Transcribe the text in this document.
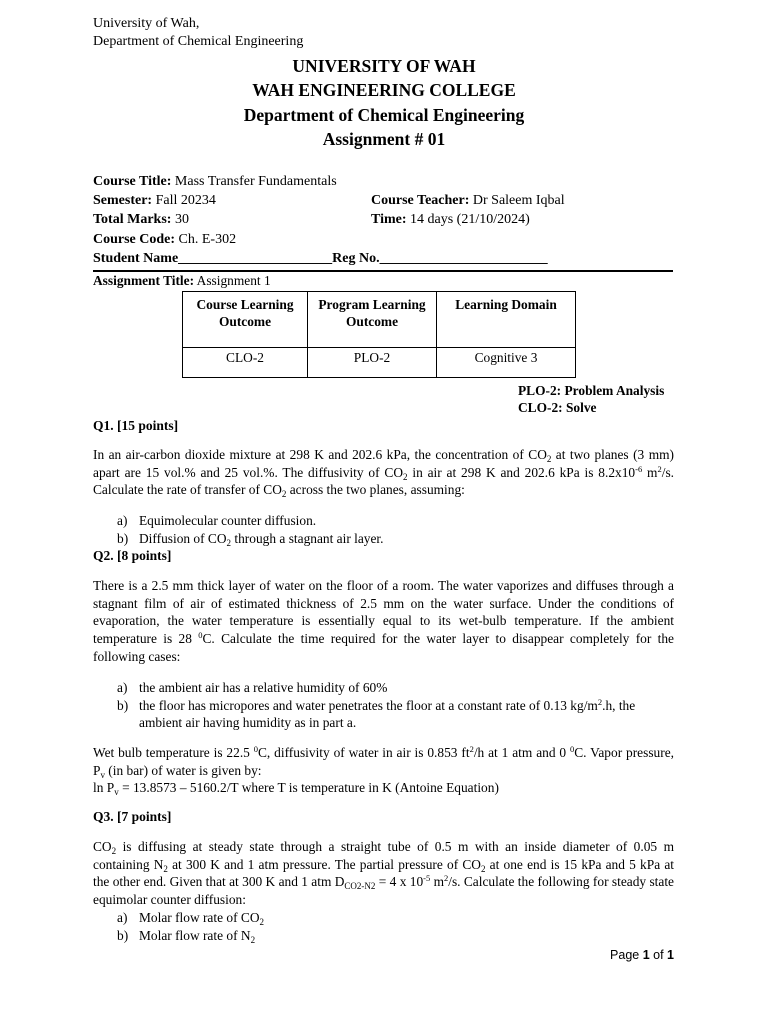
University of Wah,
Department of Chemical Engineering
UNIVERSITY OF WAH
WAH ENGINEERING COLLEGE
Department of Chemical Engineering
Assignment # 01
Course Title: Mass Transfer Fundamentals
Semester: Fall 20234	Course Teacher: Dr Saleem Iqbal
Total Marks: 30	Time: 14 days (21/10/2024)
Course Code: Ch. E-302
Student Name______________________Reg No.________________________
Assignment Title: Assignment 1
Course Learning Outcome	Program Learning Outcome	Learning Domain
CLO-2	PLO-2	Cognitive 3
PLO-2: Problem Analysis
CLO-2: Solve
Q1. [15 points]
In an air-carbon dioxide mixture at 298 K and 202.6 kPa, the concentration of $CO_2$ at two planes (3 mm) apart are 15 vol.% and 25 vol.%. The diffusivity of $CO_2$ in air at 298 K and 202.6 kPa is $8.2x10^{-6}$ $m^2/s$. Calculate the rate of transfer of $CO_2$ across the two planes, assuming:
a) Equimolecular counter diffusion.
b) Diffusion of $CO_2$ through a stagnant air layer.
Q2. [8 points]
There is a 2.5 mm thick layer of water on the floor of a room. The water vaporizes and diffuses through a stagnant film of air of estimated thickness of 2.5 mm on the water surface. Under the conditions of evaporation, the water temperature is essentially equal to its wet-bulb temperature. If the ambient temperature is 28 $^0$C. Calculate the time required for the water layer to disappear completely for the following cases:
a) the ambient air has a relative humidity of 60%
b) the floor has micropores and water penetrates the floor at a constant rate of 0.13 $kg/m^2.h$, the
ambient air having humidity as in part a.
Wet bulb temperature is 22.5 $^0$C, diffusivity of water in air is 0.853 $ft^2/h$ at 1 atm and 0 $^0$C. Vapor pressure, $P_v$ (in bar) of water is given by:
$\ln P_v = 13.8573 - 5160.2/T$ where T is temperature in K (Antoine Equation)
Q3. [7 points]
$CO_2$ is diffusing at steady state through a straight tube of 0.5 m with an inside diameter of 0.05 m containing $N_2$ at 300 K and 1 atm pressure. The partial pressure of $CO_2$ at one end is 15 kPa and 5 kPa at the other end. Given that at 300 K and 1 atm $D_{CO2-N2} = 4$ x $10^{-5}$ $m^2/s$. Calculate the following for steady state equimolar counter diffusion:
a) Molar flow rate of $CO_2$
b) Molar flow rate of $N_2$
Page 1 of 1
